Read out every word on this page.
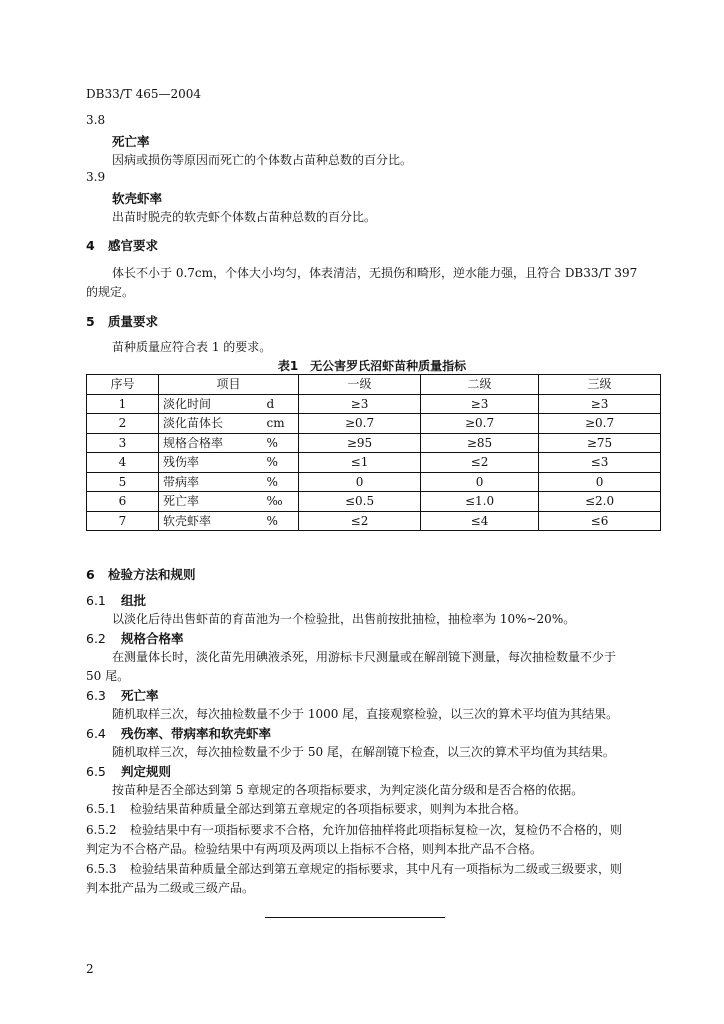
DB33/T 465—2004
3.8
死亡率
因病或损伤等原因而死亡的个体数占苗种总数的百分比。
3.9
软壳虾率
出苗时脱壳的软壳虾个体数占苗种总数的百分比。
4 感官要求
体长不小于 0.7cm，个体大小均匀，体表清洁，无损伤和畸形，逆水能力强，且符合 DB33/T 397
的规定。
5 质量要求
苗种质量应符合表 1 的要求。
表1　无公害罗氏沼虾苗种质量指标
序号	项目		一级	二级	三级
1	淡化时间	d	≥3	≥3	≥3
2	淡化苗体长	cm	≥0.7	≥0.7	≥0.7
3	规格合格率	%	≥95	≥85	≥75
4	残伤率	%	≤1	≤2	≤3
5	带病率	%	0	0	0
6	死亡率	‰	≤0.5	≤1.0	≤2.0
7	软壳虾率	%	≤2	≤4	≤6
6 检验方法和规则
6.1 组批
以淡化后待出售虾苗的育苗池为一个检验批，出售前按批抽检，抽检率为 10%~20%。
6.2 规格合格率
在测量体长时，淡化苗先用碘液杀死，用游标卡尺测量或在解剖镜下测量，每次抽检数量不少于
50 尾。
6.3 死亡率
随机取样三次，每次抽检数量不少于 1000 尾，直接观察检验，以三次的算术平均值为其结果。
6.4 残伤率、带病率和软壳虾率
随机取样三次，每次抽检数量不少于 50 尾，在解剖镜下检查，以三次的算术平均值为其结果。
6.5 判定规则
按苗种是否全部达到第 5 章规定的各项指标要求，为判定淡化苗分级和是否合格的依据。
6.5.1 检验结果苗种质量全部达到第五章规定的各项指标要求，则判为本批合格。
6.5.2 检验结果中有一项指标要求不合格，允许加倍抽样将此项指标复检一次，复检仍不合格的，则
判定为不合格产品。检验结果中有两项及两项以上指标不合格，则判本批产品不合格。
6.5.3 检验结果苗种质量全部达到第五章规定的指标要求，其中凡有一项指标为二级或三级要求，则
判本批产品为二级或三级产品。
2
